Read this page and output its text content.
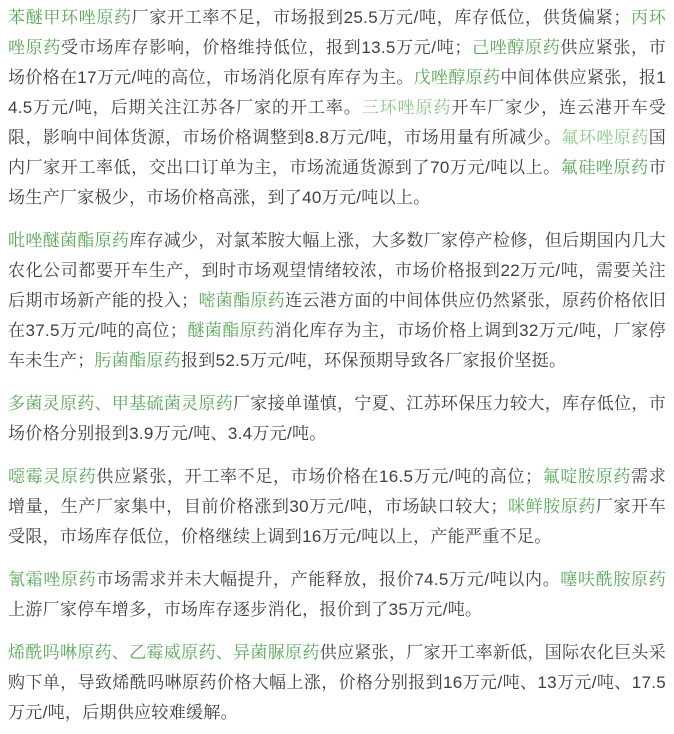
苯醚甲环唑原药厂家开工率不足，市场报到25.5万元/吨，库存低位，供货偏紧；丙环唑原药受市场库存影响，价格维持低位，报到13.5万元/吨；己唑醇原药供应紧张，市场价格在17万元/吨的高位，市场消化原有库存为主。戊唑醇原药中间体供应紧张，报14.5万元/吨，后期关注江苏各厂家的开工率。三环唑原药开车厂家少，连云港开车受限，影响中间体货源，市场价格调整到8.8万元/吨，市场用量有所减少。氟环唑原药国内厂家开工率低，交出口订单为主，市场流通货源到了70万元/吨以上。氟硅唑原药市场生产厂家极少，市场价格高涨，到了40万元/吨以上。

吡唑醚菌酯原药库存减少，对氯苯胺大幅上涨，大多数厂家停产检修，但后期国内几大农化公司都要开车生产，到时市场观望情绪较浓，市场价格报到22万元/吨，需要关注后期市场新产能的投入；嘧菌酯原药连云港方面的中间体供应仍然紧张，原药价格依旧在37.5万元/吨的高位；醚菌酯原药消化库存为主，市场价格上调到32万元/吨，厂家停车未生产；肟菌酯原药报到52.5万元/吨，环保预期导致各厂家报价坚挺。

多菌灵原药、甲基硫菌灵原药厂家接单谨慎，宁夏、江苏环保压力较大，库存低位，市场价格分别报到3.9万元/吨、3.4万元/吨。

噁霉灵原药供应紧张，开工率不足，市场价格在16.5万元/吨的高位；氟啶胺原药需求增量，生产厂家集中，目前价格涨到30万元/吨，市场缺口较大；咪鲜胺原药厂家开车受限，市场库存低位，价格继续上调到16万元/吨以上，产能严重不足。

氰霜唑原药市场需求并未大幅提升，产能释放，报价74.5万元/吨以内。噻呋酰胺原药上游厂家停车增多，市场库存逐步消化，报价到了35万元/吨。

烯酰吗啉原药、乙霉威原药、异菌脲原药供应紧张，厂家开工率新低，国际农化巨头采购下单，导致烯酰吗啉原药价格大幅上涨，价格分别报到16万元/吨、13万元/吨、17.5万元/吨，后期供应较难缓解。
